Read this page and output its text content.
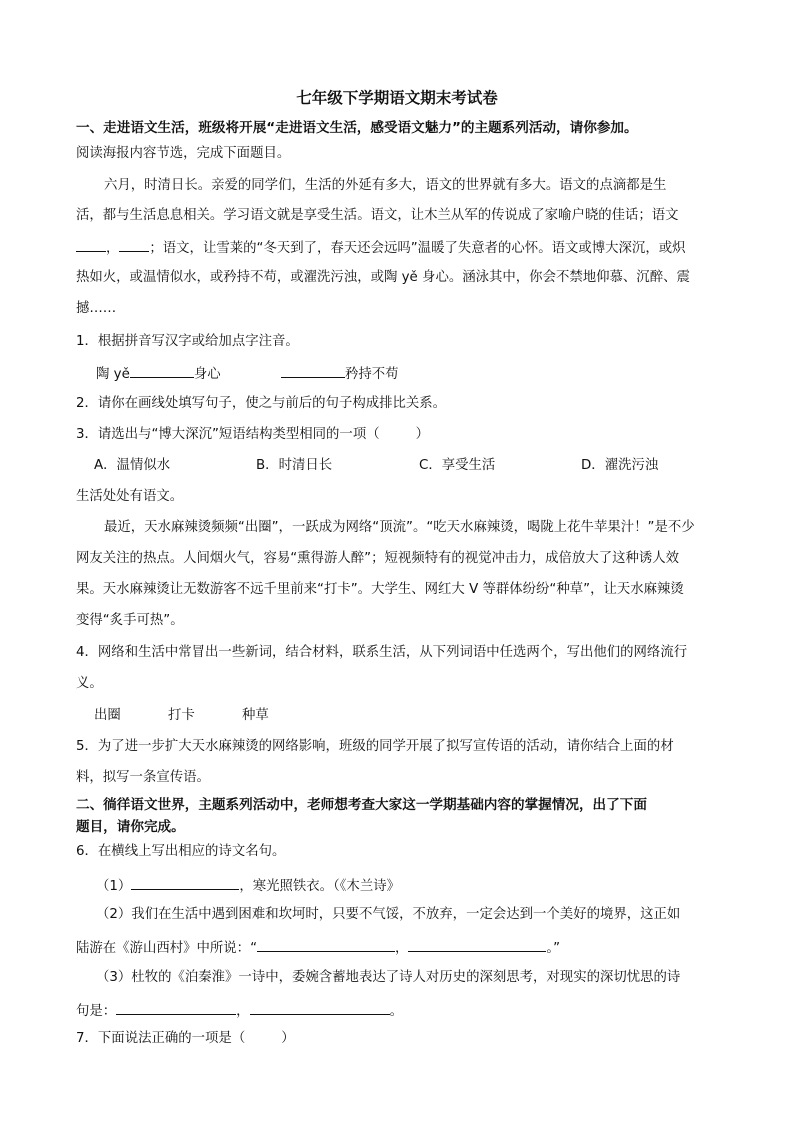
七年级下学期语文期末考试卷
一、走进语文生活，班级将开展“走进语文生活，感受语文魅力”的主题系列活动，请你参加。
阅读海报内容节选，完成下面题目。
六月，时清日长。亲爱的同学们，生活的外延有多大，语文的世界就有多大。语文的点滴都是生
活，都与生活息息相关。学习语文就是享受生活。语文，让木兰从军的传说成了家喻户晓的佳话；语文
， ；语文，让雪莱的“冬天到了，春天还会远吗”温暖了失意者的心怀。语文或博大深沉，或炽
热如火，或温情似水，或矜持不苟，或濯洗污浊，或陶 yě 身心。涵泳其中，你会不禁地仰慕、沉醉、震
撼……
1．根据拼音写汉字或给加点字注音。
陶 yě	身心	矜持不苟
2．请你在画线处填写句子，使之与前后的句子构成排比关系。
3．请选出与“博大深沉”短语结构类型相同的一项（	）
A．温情似水	B．时清日长	C．享受生活	D．濯洗污浊
生活处处有语文。
最近，天水麻辣烫频频“出圈”，一跃成为网络“顶流”。“吃天水麻辣烫，喝陇上花牛苹果汁！”是不少
网友关注的热点。人间烟火气，容易“熏得游人醉”；短视频特有的视觉冲击力，成倍放大了这种诱人效
果。天水麻辣烫让无数游客不远千里前来“打卡”。大学生、网红大 V 等群体纷纷“种草”，让天水麻辣烫
变得“炙手可热”。
4．网络和生活中常冒出一些新词，结合材料，联系生活，从下列词语中任选两个，写出他们的网络流行
义。
出圈	打卡	种草
5．为了进一步扩大天水麻辣烫的网络影响，班级的同学开展了拟写宣传语的活动，请你结合上面的材
料，拟写一条宣传语。
二、徜徉语文世界，主题系列活动中，老师想考查大家这一学期基础内容的掌握情况，出了下面
题目，请你完成。
6．在横线上写出相应的诗文名句。
（1）	，寒光照铁衣。（《木兰诗》
（2）我们在生活中遇到困难和坎坷时，只要不气馁，不放弃，一定会达到一个美好的境界，这正如
陆游在《游山西村》中所说：“	，	。”
（3）杜牧的《泊秦淮》一诗中，委婉含蓄地表达了诗人对历史的深刻思考，对现实的深切忧思的诗
句是：	，	。
7．下面说法正确的一项是（	）
